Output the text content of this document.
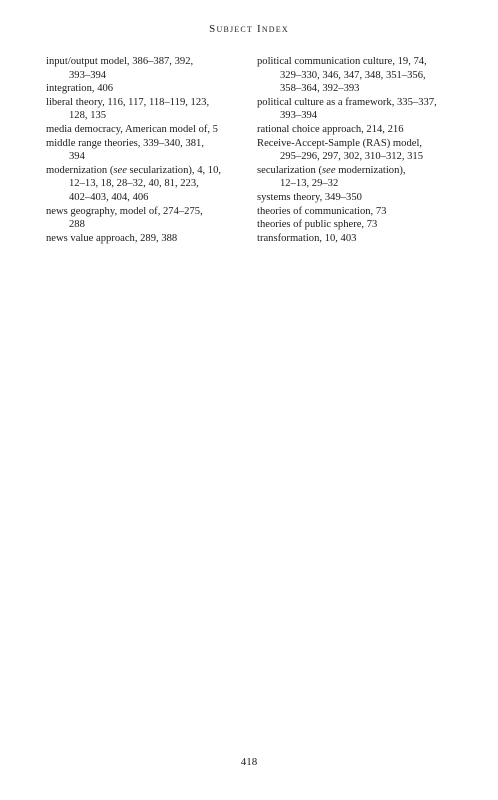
Subject Index

input/output model, 386–387, 392,
393–394

integration, 406

liberal theory, 116, 117, 118–119, 123,
128, 135

media democracy, American model of, 5

middle range theories, 339–340, 381,
394

modernization (see secularization), 4, 10,
12–13, 18, 28–32, 40, 81, 223,
402–403, 404, 406

news geography, model of, 274–275,
288

news value approach, 289, 388

political communication culture, 19, 74,
329–330, 346, 347, 348, 351–356,
358–364, 392–393

political culture as a framework, 335–337,
393–394

rational choice approach, 214, 216

Receive-Accept-Sample (RAS) model,
295–296, 297, 302, 310–312, 315

secularization (see modernization),
12–13, 29–32

systems theory, 349–350

theories of communication, 73

theories of public sphere, 73

transformation, 10, 403

418
